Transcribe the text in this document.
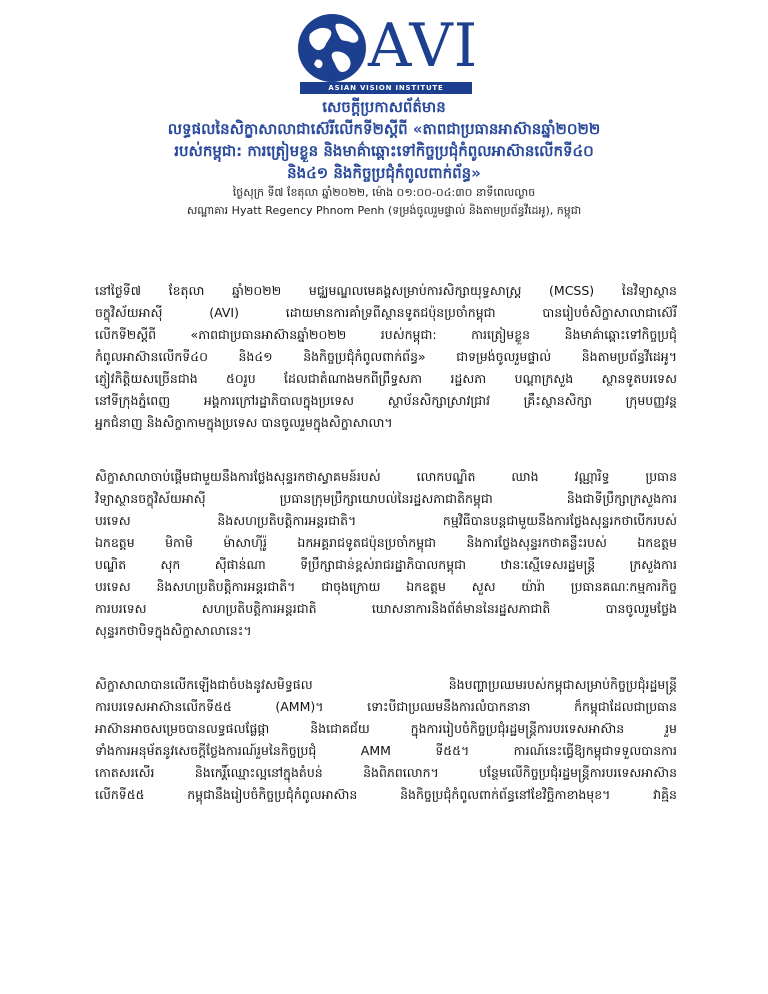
AVI
ASIAN VISION INSTITUTE

សេចក្តីប្រកាសព័ត៌មាន

លទ្ធផលនៃសិក្ខាសាលាជាស៊េរីលើកទី២ស្តីពី «តាពជាប្រធានអាស៊ានឆ្នាំ២០២២

របស់កម្ពុជា: ការត្រៀមខ្លួន និងមាគ៌ាឆ្ពោះទៅកិច្ចប្រជុំកំពូលអាស៊ានលើកទី៤០

និង៤១ និងកិច្ចប្រជុំកំពូលពាក់ព័ន្ធ»

ថ្ងៃសុក្រ ទី៧ ខែតុលា ឆ្នាំ២០២២, ម៉ោង ០១:០០-០៤:៣០ នាទីពេលល្ងាច

សណ្ឋាគារ Hyatt Regency Phnom Penh (ទម្រង់ចូលរួមផ្ទាល់ និងតាមប្រព័ន្ធវីដេអូ), កម្ពុជា

នៅថ្ងៃទី៧ ខែតុលា ឆ្នាំ២០២២ មជ្ឈមណ្ឌលមេគង្គសម្រាប់ការសិក្សាយុទ្ធសាស្ត្រ (MCSS) នៃវិទ្យាស្ថាន
ចក្ខុវិស័យអាស៊ី (AVI) ដោយមានការគាំទ្រពីស្ថានទូតជប៉ុនប្រចាំកម្ពុជា បានរៀបចំសិក្ខាសាលាជាស៊េរី
លើកទី២ស្តីពី «ភាពជាប្រធានអាស៊ានឆ្នាំ២០២២ របស់កម្ពុជា: ការត្រៀមខ្លួន និងមាគ៌ាឆ្ពោះទៅកិច្ចប្រជុំ
កំពូលអាស៊ានលើកទី៤០ និង៤១ និងកិច្ចប្រជុំកំពូលពាក់ព័ន្ធ» ជាទម្រង់ចូលរួមផ្ទាល់ និងតាមប្រព័ន្ធវីដេអូ។
ភ្ញៀវកិត្តិយសច្រើនជាង ៥០រូប ដែលជាតំណាងមកពីព្រឹទ្ធសភា រដ្ឋសភា បណ្តាក្រសួង ស្ថានទូតបរទេស
នៅទីក្រុងភ្នំពេញ អង្គការក្រៅរដ្ឋាភិបាលក្នុងប្រទេស ស្ថាប័នសិក្សាស្រាវជ្រាវ គ្រឹះស្ថានសិក្សា ក្រុមបញ្ញវន្ត
អ្នកជំនាញ និងសិក្ខាកាមក្នុងប្រទេស បានចូលរួមក្នុងសិក្ខាសាលា។
សិក្ខាសាលាចាប់ផ្តើមជាមួយនឹងការថ្លែងសុន្ទរកថាស្វាគមន៍របស់ លោកបណ្ឌិត ឈាង វណ្ណារិទ្ធ ប្រធាន
វិទ្យាស្ថានចក្ខុវិស័យអាស៊ី ប្រធានក្រុមប្រឹក្សាយោបល់នៃរដ្ឋសភាជាតិកម្ពុជា និងជាទីប្រឹក្សាក្រសួងការ
បរទេស និងសហប្រតិបត្តិការអន្តរជាតិ។ កម្មវិធីបានបន្តជាមួយនឹងការថ្លែងសុន្ទរកថាបើករបស់
ឯកឧត្តម មិកាមិ ម៉ាសាហ៊ីរ៉ូ ឯកអគ្គរាជទូតជប៉ុនប្រចាំកម្ពុជា និងការថ្លែងសុន្ទរកថាគន្លឹះរបស់ ឯកឧត្តម
បណ្ឌិត សុក ស៊ីផាន់ណា ទីប្រឹក្សាជាន់ខ្ពស់រាជរដ្ឋាភិបាលកម្ពុជា ឋានៈស្មើទេសរដ្ឋមន្ត្រី ក្រសួងការ
បរទេស និងសហប្រតិបត្តិការអន្តរជាតិ។ ជាចុងក្រោយ ឯកឧត្តម សួស យ៉ារ៉ា ប្រធានគណៈកម្មការកិច្ច
ការបរទេស សហប្រតិបត្តិការអន្តរជាតិ ឃោសនាការនិងព័ត៌មាននៃរដ្ឋសភាជាតិ បានចូលរួមថ្លែង
សុន្ទរកថាបិទក្នុងសិក្ខាសាលានេះ។
សិក្ខាសាលាបានលើកឡើងជាចំបងនូវសមិទ្ធផល និងបញ្ហាប្រឈមរបស់កម្ពុជាសម្រាប់កិច្ចប្រជុំរដ្ឋមន្ត្រី
ការបរទេសអាស៊ានលើកទី៥៥ (AMM)។ ទោះបីជាប្រឈមនឹងការលំបាកនានា ក៏កម្ពុជាដែលជាប្រធាន
អាស៊ានអាចសម្រេចបានលទ្ធផលផ្លែផ្កា និងជោគជ័យ ក្នុងការរៀបចំកិច្ចប្រជុំរដ្ឋមន្ត្រីការបរទេសអាស៊ាន រួម
ទាំងការអនុម័តនូវសេចក្តីថ្លែងការណ៍រួមនៃកិច្ចប្រជុំ AMM ទី៥៥។ ការណ៍នេះធ្វើឱ្យកម្ពុជាទទួលបានការ
កោតសរសើរ និងកេរ្តិ៍ឈ្មោះល្អនៅក្នុងតំបន់ និងពិភពលោក។ បន្ថែមលើកិច្ចប្រជុំរដ្ឋមន្ត្រីការបរទេសអាស៊ាន
លើកទី៥៥ កម្ពុជានឹងរៀបចំកិច្ចប្រជុំកំពូលអាស៊ាន និងកិច្ចប្រជុំកំពូលពាក់ព័ន្ធនៅខែវិច្ឆិកាខាងមុខ។ វាគ្មិន
